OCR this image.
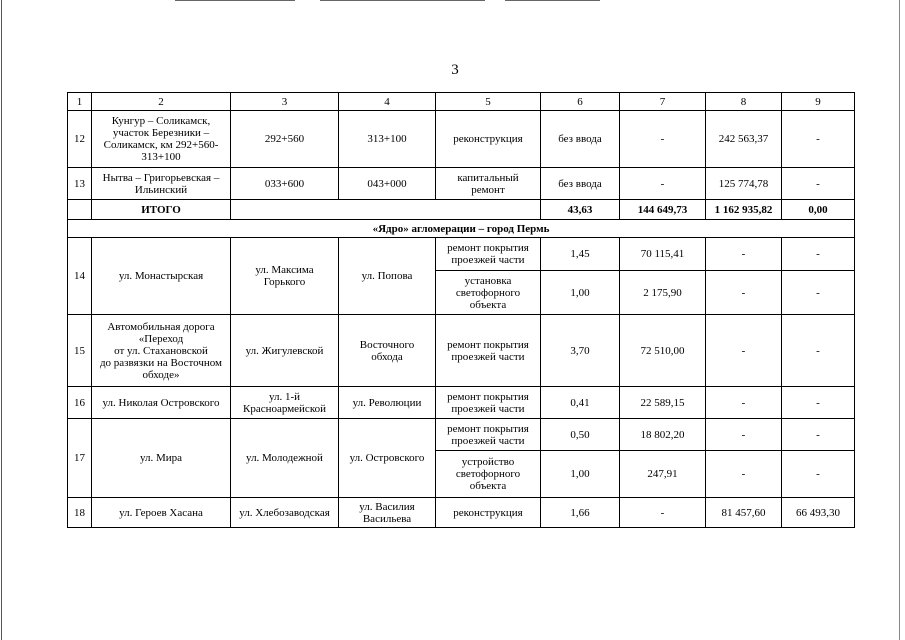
3
1	2	3	4	5	6	7	8	9
12	Кунгур – Соликамск,
участок Березники –
Соликамск, км 292+560-
313+100	292+560	313+100	реконструкция	без ввода	-	242 563,37	-
13	Нытва – Григорьевская –
Ильинский	033+600	043+000	капитальный
ремонт	без ввода	-	125 774,78	-
	ИТОГО				43,63	144 649,73	1 162 935,82	0,00
«Ядро» агломерации – город Пермь								
14	ул. Монастырская	ул. Максима
Горького	ул. Попова	ремонт покрытия
проезжей части	1,45	70 115,41	-	-
				установка
светофорного
объекта	1,00	2 175,90	-	-
15	Автомобильная дорога
«Переход
от ул. Стахановской
до развязки на Восточном
обходе»	ул. Жигулевской	Восточного
обхода	ремонт покрытия
проезжей части	3,70	72 510,00	-	-
16	ул. Николая Островского	ул. 1-й
Красноармейской	ул. Революции	ремонт покрытия
проезжей части	0,41	22 589,15	-	-
17	ул. Мира	ул. Молодежной	ул. Островского	ремонт покрытия
проезжей части	0,50	18 802,20	-	-
				устройство
светофорного
объекта	1,00	247,91	-	-
18	ул. Героев Хасана	ул. Хлебозаводская	ул. Василия
Васильева	реконструкция	1,66	-	81 457,60	66 493,30
